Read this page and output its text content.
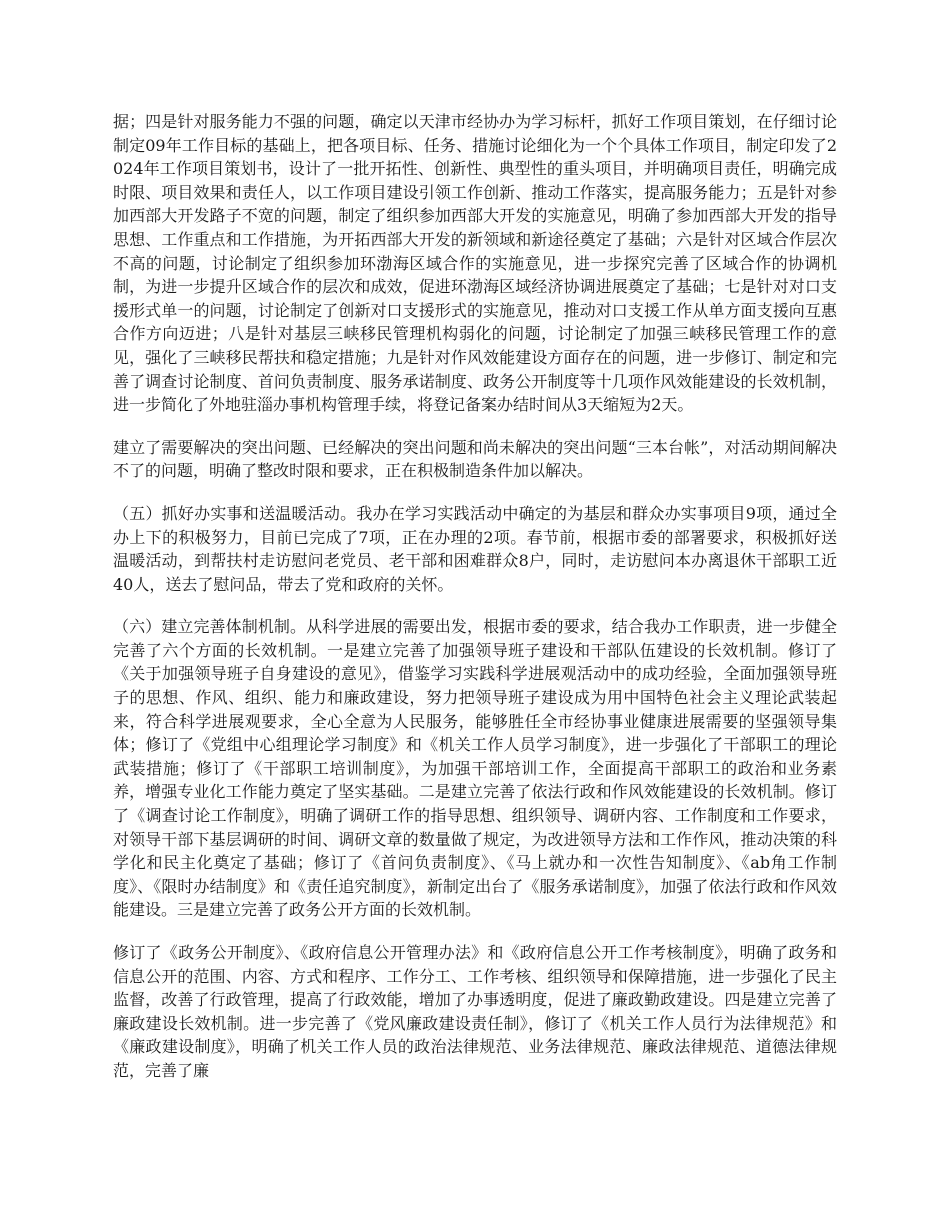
据；四是针对服务能力不强的问题，确定以天津市经协办为学习标杆，抓好工作项目策划，在仔细讨论制定09年工作目标的基础上，把各项目标、任务、措施讨论细化为一个个具体工作项目，制定印发了2024年工作项目策划书，设计了一批开拓性、创新性、典型性的重头项目，并明确项目责任，明确完成时限、项目效果和责任人，以工作项目建设引领工作创新、推动工作落实，提高服务能力；五是针对参加西部大开发路子不宽的问题，制定了组织参加西部大开发的实施意见，明确了参加西部大开发的指导思想、工作重点和工作措施，为开拓西部大开发的新领域和新途径奠定了基础；六是针对区域合作层次不高的问题，讨论制定了组织参加环渤海区域合作的实施意见，进一步探究完善了区域合作的协调机制，为进一步提升区域合作的层次和成效，促进环渤海区域经济协调进展奠定了基础；七是针对对口支援形式单一的问题，讨论制定了创新对口支援形式的实施意见，推动对口支援工作从单方面支援向互惠合作方向迈进；八是针对基层三峡移民管理机构弱化的问题，讨论制定了加强三峡移民管理工作的意见，强化了三峡移民帮扶和稳定措施；九是针对作风效能建设方面存在的问题，进一步修订、制定和完善了调查讨论制度、首问负责制度、服务承诺制度、政务公开制度等十几项作风效能建设的长效机制，进一步简化了外地驻淄办事机构管理手续，将登记备案办结时间从3天缩短为2天。

建立了需要解决的突出问题、已经解决的突出问题和尚未解决的突出问题“三本台帐”，对活动期间解决不了的问题，明确了整改时限和要求，正在积极制造条件加以解决。

（五）抓好办实事和送温暖活动。我办在学习实践活动中确定的为基层和群众办实事项目9项，通过全办上下的积极努力，目前已完成了7项，正在办理的2项。春节前，根据市委的部署要求，积极抓好送温暖活动，到帮扶村走访慰问老党员、老干部和困难群众8户，同时，走访慰问本办离退休干部职工近40人，送去了慰问品，带去了党和政府的关怀。

（六）建立完善体制机制。从科学进展的需要出发，根据市委的要求，结合我办工作职责，进一步健全完善了六个方面的长效机制。一是建立完善了加强领导班子建设和干部队伍建设的长效机制。修订了《关于加强领导班子自身建设的意见》，借鉴学习实践科学进展观活动中的成功经验，全面加强领导班子的思想、作风、组织、能力和廉政建设，努力把领导班子建设成为用中国特色社会主义理论武装起来，符合科学进展观要求，全心全意为人民服务，能够胜任全市经协事业健康进展需要的坚强领导集体；修订了《党组中心组理论学习制度》和《机关工作人员学习制度》，进一步强化了干部职工的理论武装措施；修订了《干部职工培训制度》，为加强干部培训工作，全面提高干部职工的政治和业务素养，增强专业化工作能力奠定了坚实基础。二是建立完善了依法行政和作风效能建设的长效机制。修订了《调查讨论工作制度》，明确了调研工作的指导思想、组织领导、调研内容、工作制度和工作要求，对领导干部下基层调研的时间、调研文章的数量做了规定，为改进领导方法和工作作风，推动决策的科学化和民主化奠定了基础；修订了《首问负责制度》、《马上就办和一次性告知制度》、《ab角工作制度》、《限时办结制度》和《责任追究制度》，新制定出台了《服务承诺制度》，加强了依法行政和作风效能建设。三是建立完善了政务公开方面的长效机制。

修订了《政务公开制度》、《政府信息公开管理办法》和《政府信息公开工作考核制度》，明确了政务和信息公开的范围、内容、方式和程序、工作分工、工作考核、组织领导和保障措施，进一步强化了民主监督，改善了行政管理，提高了行政效能，增加了办事透明度，促进了廉政勤政建设。四是建立完善了廉政建设长效机制。进一步完善了《党风廉政建设责任制》，修订了《机关工作人员行为法律规范》和《廉政建设制度》，明确了机关工作人员的政治法律规范、业务法律规范、廉政法律规范、道德法律规范，完善了廉
